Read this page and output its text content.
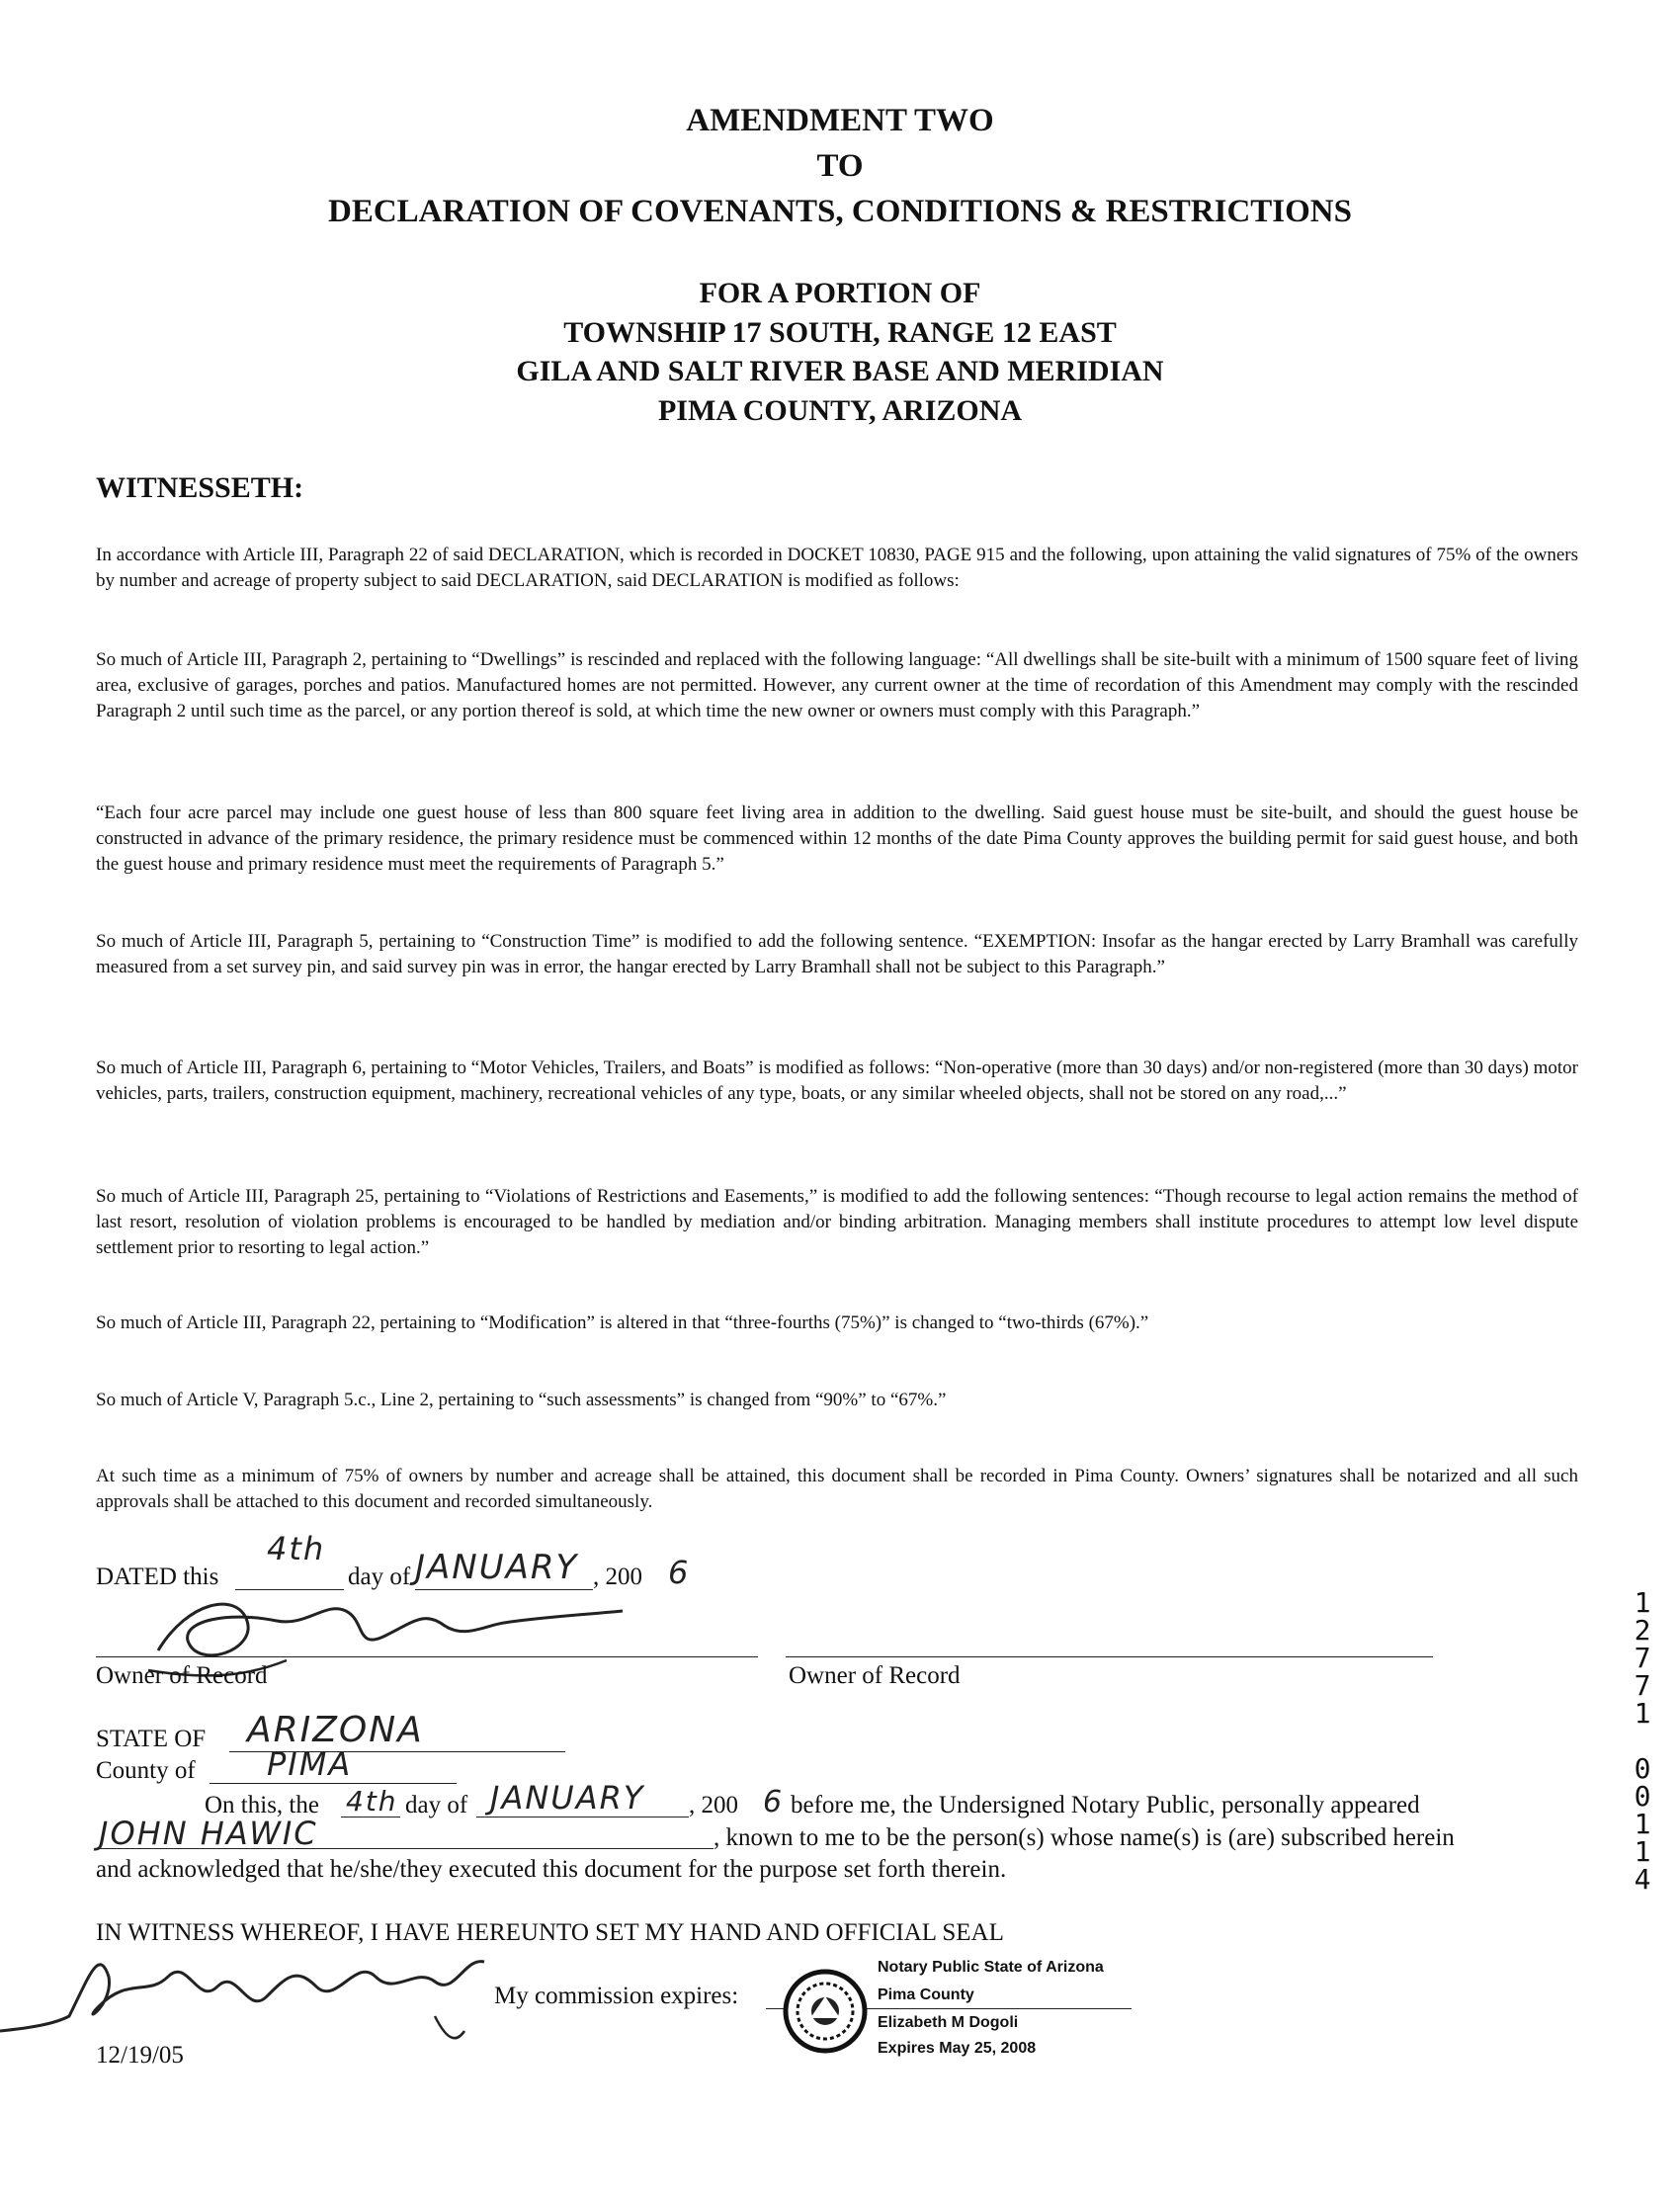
AMENDMENT TWO
TO
DECLARATION OF COVENANTS, CONDITIONS & RESTRICTIONS
FOR A PORTION OF
TOWNSHIP 17 SOUTH, RANGE 12 EAST
GILA AND SALT RIVER BASE AND MERIDIAN
PIMA COUNTY, ARIZONA
WITNESSETH:
In accordance with Article III, Paragraph 22 of said DECLARATION, which is recorded in DOCKET 10830, PAGE 915 and the following, upon attaining the valid signatures of 75% of the owners by number and acreage of property subject to said DECLARATION, said DECLARATION is modified as follows:
So much of Article III, Paragraph 2, pertaining to “Dwellings” is rescinded and replaced with the following language: “All dwellings shall be site-built with a minimum of 1500 square feet of living area, exclusive of garages, porches and patios. Manufactured homes are not permitted. However, any current owner at the time of recordation of this Amendment may comply with the rescinded Paragraph 2 until such time as the parcel, or any portion thereof is sold, at which time the new owner or owners must comply with this Paragraph.”
“Each four acre parcel may include one guest house of less than 800 square feet living area in addition to the dwelling. Said guest house must be site-built, and should the guest house be constructed in advance of the primary residence, the primary residence must be commenced within 12 months of the date Pima County approves the building permit for said guest house, and both the guest house and primary residence must meet the requirements of Paragraph 5.”
So much of Article III, Paragraph 5, pertaining to “Construction Time” is modified to add the following sentence. “EXEMPTION: Insofar as the hangar erected by Larry Bramhall was carefully measured from a set survey pin, and said survey pin was in error, the hangar erected by Larry Bramhall shall not be subject to this Paragraph.”
So much of Article III, Paragraph 6, pertaining to “Motor Vehicles, Trailers, and Boats” is modified as follows: “Non-operative (more than 30 days) and/or non-registered (more than 30 days) motor vehicles, parts, trailers, construction equipment, machinery, recreational vehicles of any type, boats, or any similar wheeled objects, shall not be stored on any road,...”
So much of Article III, Paragraph 25, pertaining to “Violations of Restrictions and Easements,” is modified to add the following sentences: “Though recourse to legal action remains the method of last resort, resolution of violation problems is encouraged to be handled by mediation and/or binding arbitration. Managing members shall institute procedures to attempt low level dispute settlement prior to resorting to legal action.”
So much of Article III, Paragraph 22, pertaining to “Modification” is altered in that “three-fourths (75%)” is changed to “two-thirds (67%).”
So much of Article V, Paragraph 5.c., Line 2, pertaining to “such assessments” is changed from “90%” to “67%.”
At such time as a minimum of 75% of owners by number and acreage shall be attained, this document shall be recorded in Pima County. Owners’ signatures shall be notarized and all such approvals shall be attached to this document and recorded simultaneously.
DATED this
4th
day of JANUARY , 200 6
Owner of Record	Owner of Record
STATE OF ARIZONA
County of PIMA
On this, the 4th day of JANUARY , 200 6 before me, the Undersigned Notary Public, personally appeared
JOHN HAWIC	, known to me to be the person(s) whose name(s) is (are) subscribed herein
and acknowledged that he/she/they executed this document for the purpose set forth therein.
IN WITNESS WHEREOF, I HAVE HEREUNTO SET MY HAND AND OFFICIAL SEAL
My commission expires:
Notary Public State of Arizona
Pima County
Elizabeth M Dogoli
Expires May 25, 2008
12/19/05
1
2
7
7
1
0
0
1
1
4
